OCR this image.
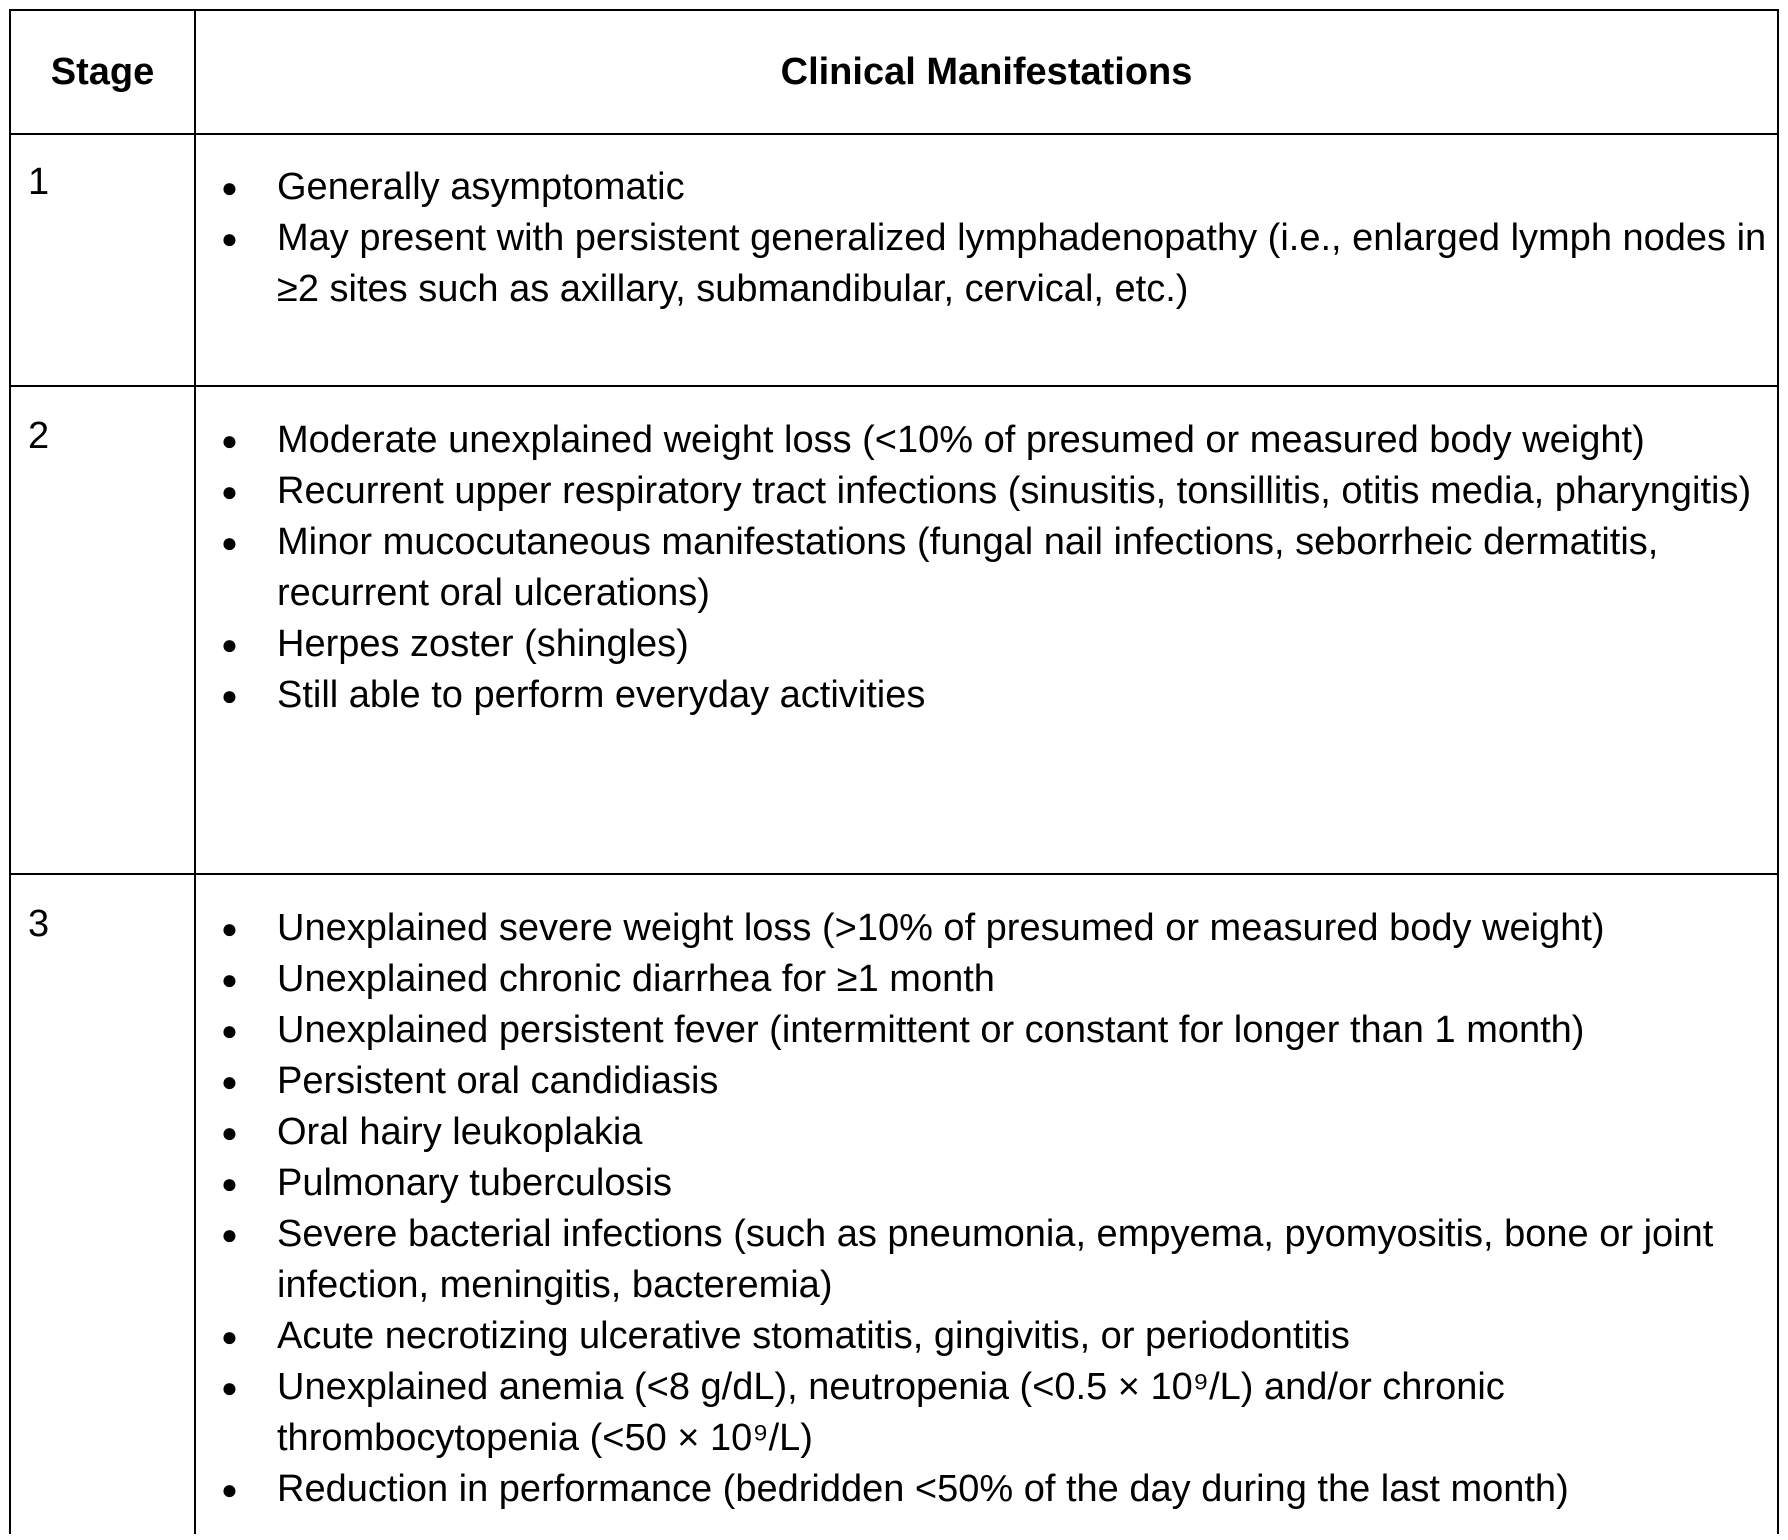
Stage	Clinical Manifestations
1	● Generally asymptomatic
● May present with persistent generalized lymphadenopathy (i.e., enlarged lymph nodes in ≥2 sites such as axillary, submandibular, cervical, etc.)
2	● Moderate unexplained weight loss (<10% of presumed or measured body weight)
● Recurrent upper respiratory tract infections (sinusitis, tonsillitis, otitis media, pharyngitis)
● Minor mucocutaneous manifestations (fungal nail infections, seborrheic dermatitis, recurrent oral ulcerations)
● Herpes zoster (shingles)
● Still able to perform everyday activities
3	● Unexplained severe weight loss (>10% of presumed or measured body weight)
● Unexplained chronic diarrhea for ≥1 month
● Unexplained persistent fever (intermittent or constant for longer than 1 month)
● Persistent oral candidiasis
● Oral hairy leukoplakia
● Pulmonary tuberculosis
● Severe bacterial infections (such as pneumonia, empyema, pyomyositis, bone or joint infection, meningitis, bacteremia)
● Acute necrotizing ulcerative stomatitis, gingivitis, or periodontitis
● Unexplained anemia (<8 g/dL), neutropenia (<0.5 × 10⁹/L) and/or chronic thrombocytopenia (<50 × 10⁹/L)
● Reduction in performance (bedridden <50% of the day during the last month)
